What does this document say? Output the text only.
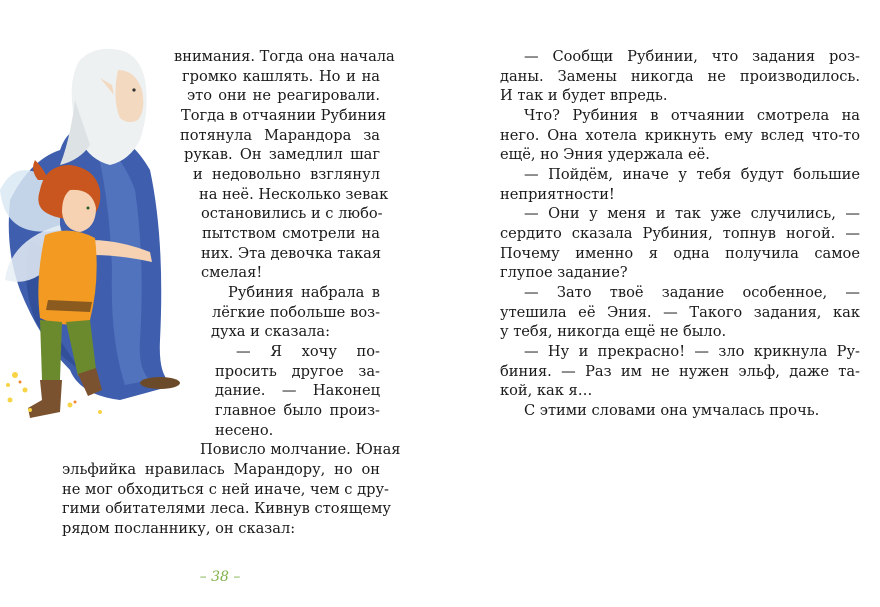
внимания. Тогда она начала
громко кашлять. Но и на
это они не реагировали.
Тогда в отчаянии Рубиния
потянула Марандора за
рукав. Он замедлил шаг
и недовольно взглянул
на неё. Несколько зевак
остановились и с любо-
пытством смотрели на
них. Эта девочка такая
смелая!
Рубиния набрала в
лёгкие побольше воз-
духа и сказала:
— Я хочу по-
просить другое за-
дание. — Наконец
главное было произ-
несено.
Повисло молчание. Юная
эльфийка нравилась Марандору, но он
не мог обходиться с ней иначе, чем с дру-
гими обитателями леса. Кивнув стоящему
рядом посланнику, он сказал:
– 38 –
— Сообщи Рубинии, что задания роз-
даны. Замены никогда не производилось.
И так и будет впредь.
Что? Рубиния в отчаянии смотрела на
него. Она хотела крикнуть ему вслед что-то
ещё, но Эния удержала её.
— Пойдём, иначе у тебя будут большие
неприятности!
— Они у меня и так уже случились, —
сердито сказала Рубиния, топнув ногой. —
Почему именно я одна получила самое
глупое задание?
— Зато твоё задание особенное, —
утешила её Эния. — Такого задания, как
у тебя, никогда ещё не было.
— Ну и прекрасно! — зло крикнула Ру-
биния. — Раз им не нужен эльф, даже та-
кой, как я…
С этими словами она умчалась прочь.
